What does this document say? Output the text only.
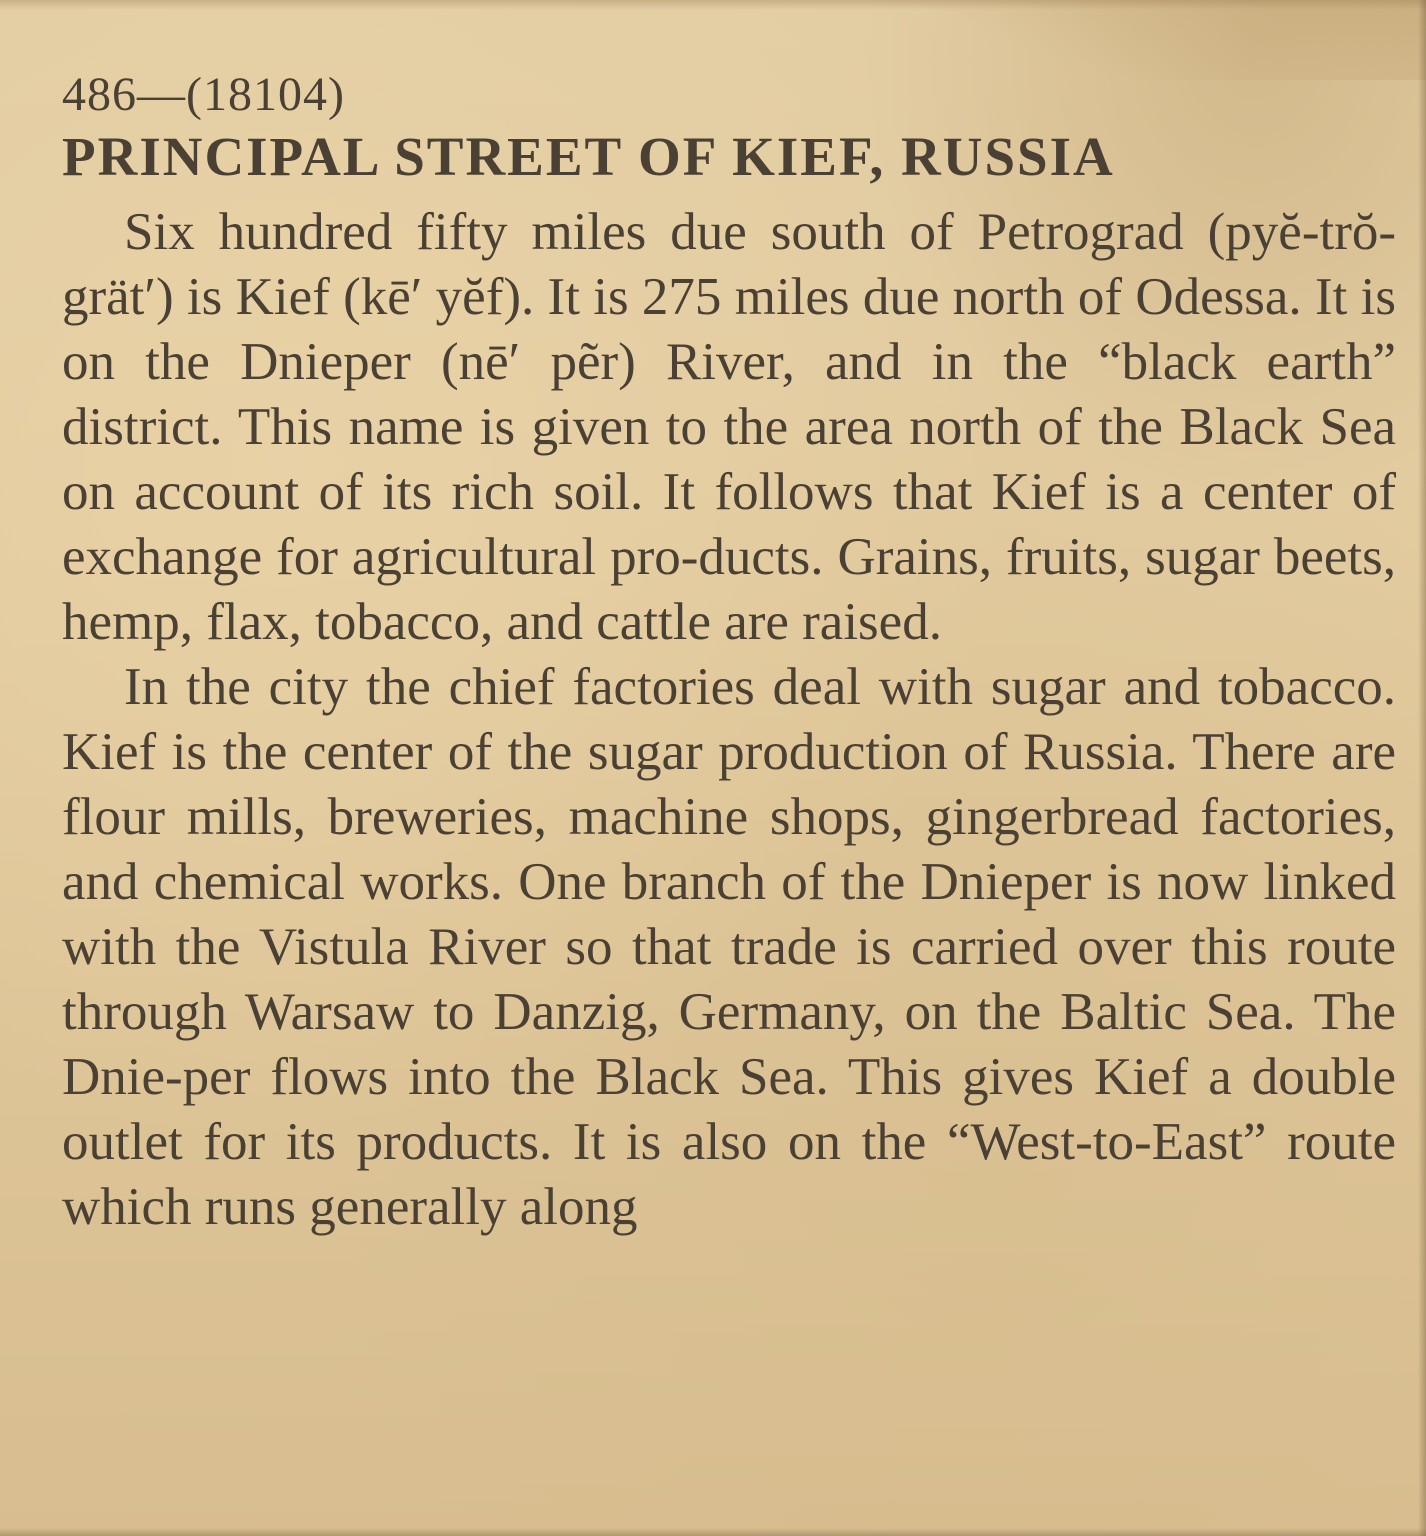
486—(18104)

PRINCIPAL STREET OF KIEF, RUSSIA

Six hundred fifty miles due south of Petrograd (pyĕ-trŏ-grät′) is Kief (kē′ yĕf). It is 275 miles due north of Odessa. It is on the Dnieper (nē′ pẽr) River, and in the “black earth” district. This name is given to the area north of the Black Sea on account of its rich soil. It follows that Kief is a center of exchange for agricultural pro-ducts. Grains, fruits, sugar beets, hemp, flax, tobacco, and cattle are raised.

In the city the chief factories deal with sugar and tobacco. Kief is the center of the sugar production of Russia. There are flour mills, breweries, machine shops, gingerbread factories, and chemical works. One branch of the Dnieper is now linked with the Vistula River so that trade is carried over this route through Warsaw to Danzig, Germany, on the Baltic Sea. The Dnie-per flows into the Black Sea. This gives Kief a double outlet for its products. It is also on the “West-to-East” route which runs generally along
